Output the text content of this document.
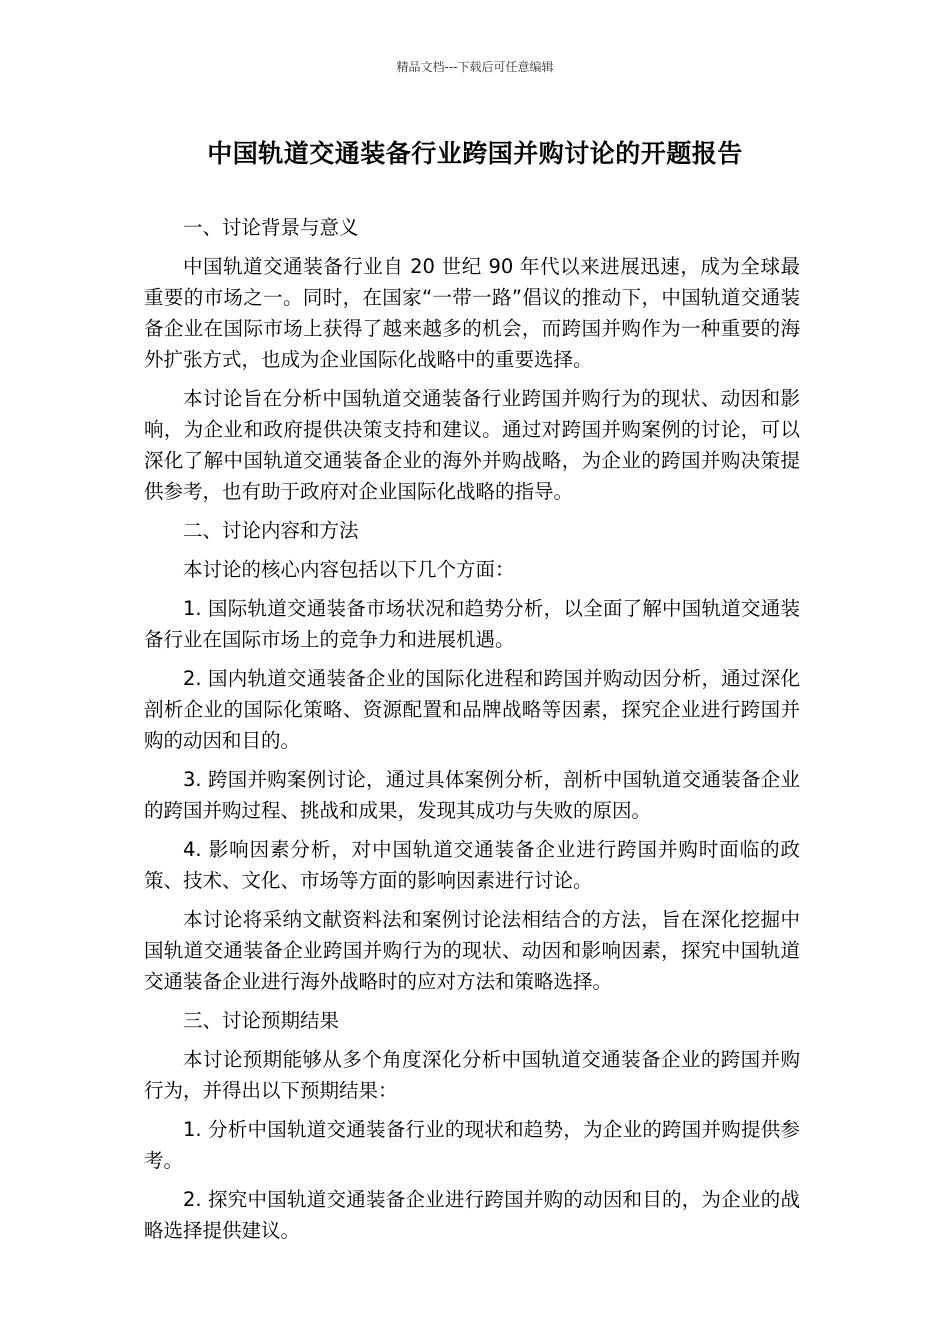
精品文档---下载后可任意编辑
中国轨道交通装备行业跨国并购讨论的开题报告

一、讨论背景与意义

中国轨道交通装备行业自 20 世纪 90 年代以来进展迅速，成为全球最重要的市场之一。同时，在国家“一带一路”倡议的推动下，中国轨道交通装备企业在国际市场上获得了越来越多的机会，而跨国并购作为一种重要的海外扩张方式，也成为企业国际化战略中的重要选择。

本讨论旨在分析中国轨道交通装备行业跨国并购行为的现状、动因和影响，为企业和政府提供决策支持和建议。通过对跨国并购案例的讨论，可以深化了解中国轨道交通装备企业的海外并购战略，为企业的跨国并购决策提供参考，也有助于政府对企业国际化战略的指导。

二、讨论内容和方法

本讨论的核心内容包括以下几个方面：

1. 国际轨道交通装备市场状况和趋势分析，以全面了解中国轨道交通装备行业在国际市场上的竞争力和进展机遇。

2. 国内轨道交通装备企业的国际化进程和跨国并购动因分析，通过深化剖析企业的国际化策略、资源配置和品牌战略等因素，探究企业进行跨国并购的动因和目的。

3. 跨国并购案例讨论，通过具体案例分析，剖析中国轨道交通装备企业的跨国并购过程、挑战和成果，发现其成功与失败的原因。

4. 影响因素分析，对中国轨道交通装备企业进行跨国并购时面临的政策、技术、文化、市场等方面的影响因素进行讨论。

本讨论将采纳文献资料法和案例讨论法相结合的方法，旨在深化挖掘中国轨道交通装备企业跨国并购行为的现状、动因和影响因素，探究中国轨道交通装备企业进行海外战略时的应对方法和策略选择。

三、讨论预期结果

本讨论预期能够从多个角度深化分析中国轨道交通装备企业的跨国并购行为，并得出以下预期结果：

1. 分析中国轨道交通装备行业的现状和趋势，为企业的跨国并购提供参考。

2. 探究中国轨道交通装备企业进行跨国并购的动因和目的，为企业的战略选择提供建议。
